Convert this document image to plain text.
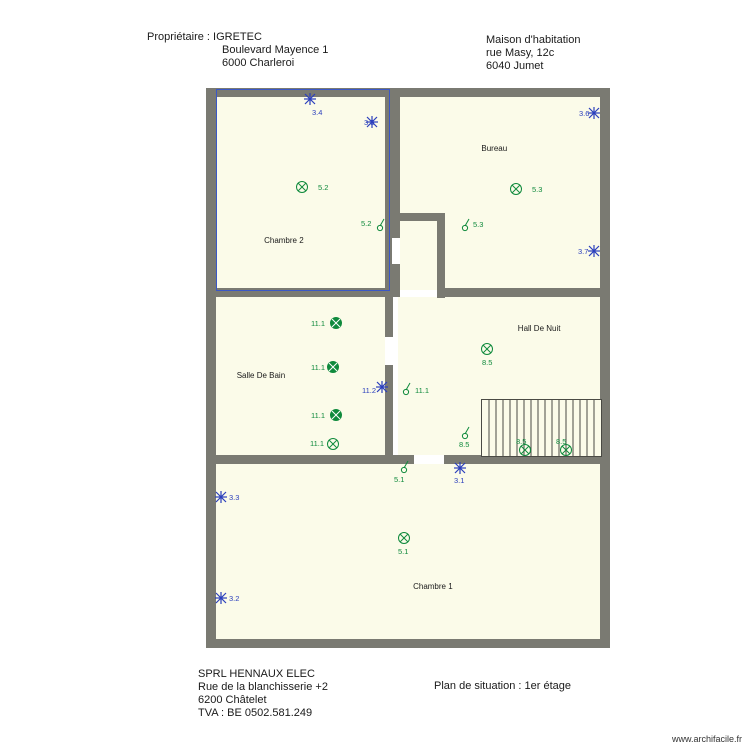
Propriétaire : IGRETEC
Boulevard Mayence 1
6000 Charleroi
Maison d'habitation
rue Masy, 12c
6040 Jumet
Chambre 2
Bureau
Salle De Bain
Hall De Nuit
Chambre 1
3.4
3.5
3.6
3.7
5.2	5.3
5.2	5.3
11.1
11.1
11.1
11.1
11.2	11.1
8.5
8.5	8.5	8.5
5.1	3.1
3.3
3.2
5.1
SPRL HENNAUX ELEC
Rue de la blanchisserie +2
6200 Châtelet
TVA : BE 0502.581.249
Plan de situation : 1er étage
www.archifacile.fr
